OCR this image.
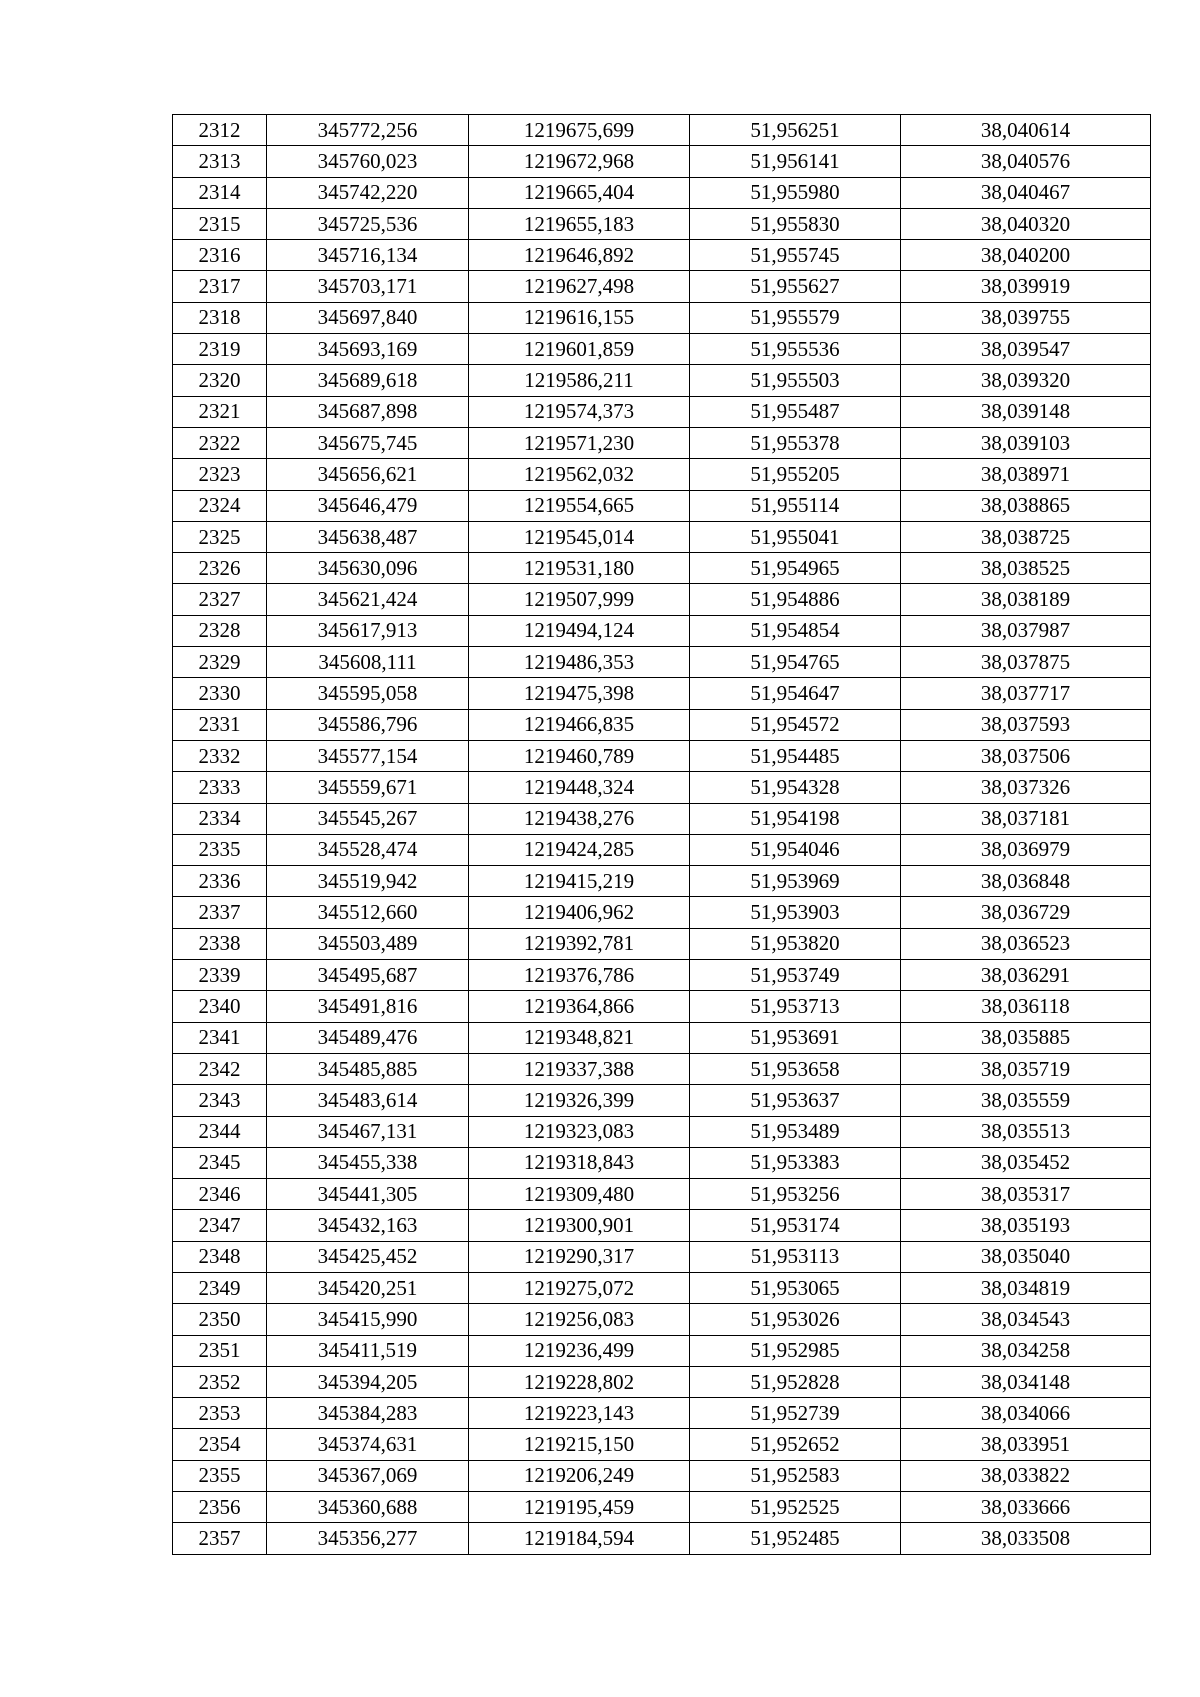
2312	345772,256	1219675,699	51,956251	38,040614
2313	345760,023	1219672,968	51,956141	38,040576
2314	345742,220	1219665,404	51,955980	38,040467
2315	345725,536	1219655,183	51,955830	38,040320
2316	345716,134	1219646,892	51,955745	38,040200
2317	345703,171	1219627,498	51,955627	38,039919
2318	345697,840	1219616,155	51,955579	38,039755
2319	345693,169	1219601,859	51,955536	38,039547
2320	345689,618	1219586,211	51,955503	38,039320
2321	345687,898	1219574,373	51,955487	38,039148
2322	345675,745	1219571,230	51,955378	38,039103
2323	345656,621	1219562,032	51,955205	38,038971
2324	345646,479	1219554,665	51,955114	38,038865
2325	345638,487	1219545,014	51,955041	38,038725
2326	345630,096	1219531,180	51,954965	38,038525
2327	345621,424	1219507,999	51,954886	38,038189
2328	345617,913	1219494,124	51,954854	38,037987
2329	345608,111	1219486,353	51,954765	38,037875
2330	345595,058	1219475,398	51,954647	38,037717
2331	345586,796	1219466,835	51,954572	38,037593
2332	345577,154	1219460,789	51,954485	38,037506
2333	345559,671	1219448,324	51,954328	38,037326
2334	345545,267	1219438,276	51,954198	38,037181
2335	345528,474	1219424,285	51,954046	38,036979
2336	345519,942	1219415,219	51,953969	38,036848
2337	345512,660	1219406,962	51,953903	38,036729
2338	345503,489	1219392,781	51,953820	38,036523
2339	345495,687	1219376,786	51,953749	38,036291
2340	345491,816	1219364,866	51,953713	38,036118
2341	345489,476	1219348,821	51,953691	38,035885
2342	345485,885	1219337,388	51,953658	38,035719
2343	345483,614	1219326,399	51,953637	38,035559
2344	345467,131	1219323,083	51,953489	38,035513
2345	345455,338	1219318,843	51,953383	38,035452
2346	345441,305	1219309,480	51,953256	38,035317
2347	345432,163	1219300,901	51,953174	38,035193
2348	345425,452	1219290,317	51,953113	38,035040
2349	345420,251	1219275,072	51,953065	38,034819
2350	345415,990	1219256,083	51,953026	38,034543
2351	345411,519	1219236,499	51,952985	38,034258
2352	345394,205	1219228,802	51,952828	38,034148
2353	345384,283	1219223,143	51,952739	38,034066
2354	345374,631	1219215,150	51,952652	38,033951
2355	345367,069	1219206,249	51,952583	38,033822
2356	345360,688	1219195,459	51,952525	38,033666
2357	345356,277	1219184,594	51,952485	38,033508
